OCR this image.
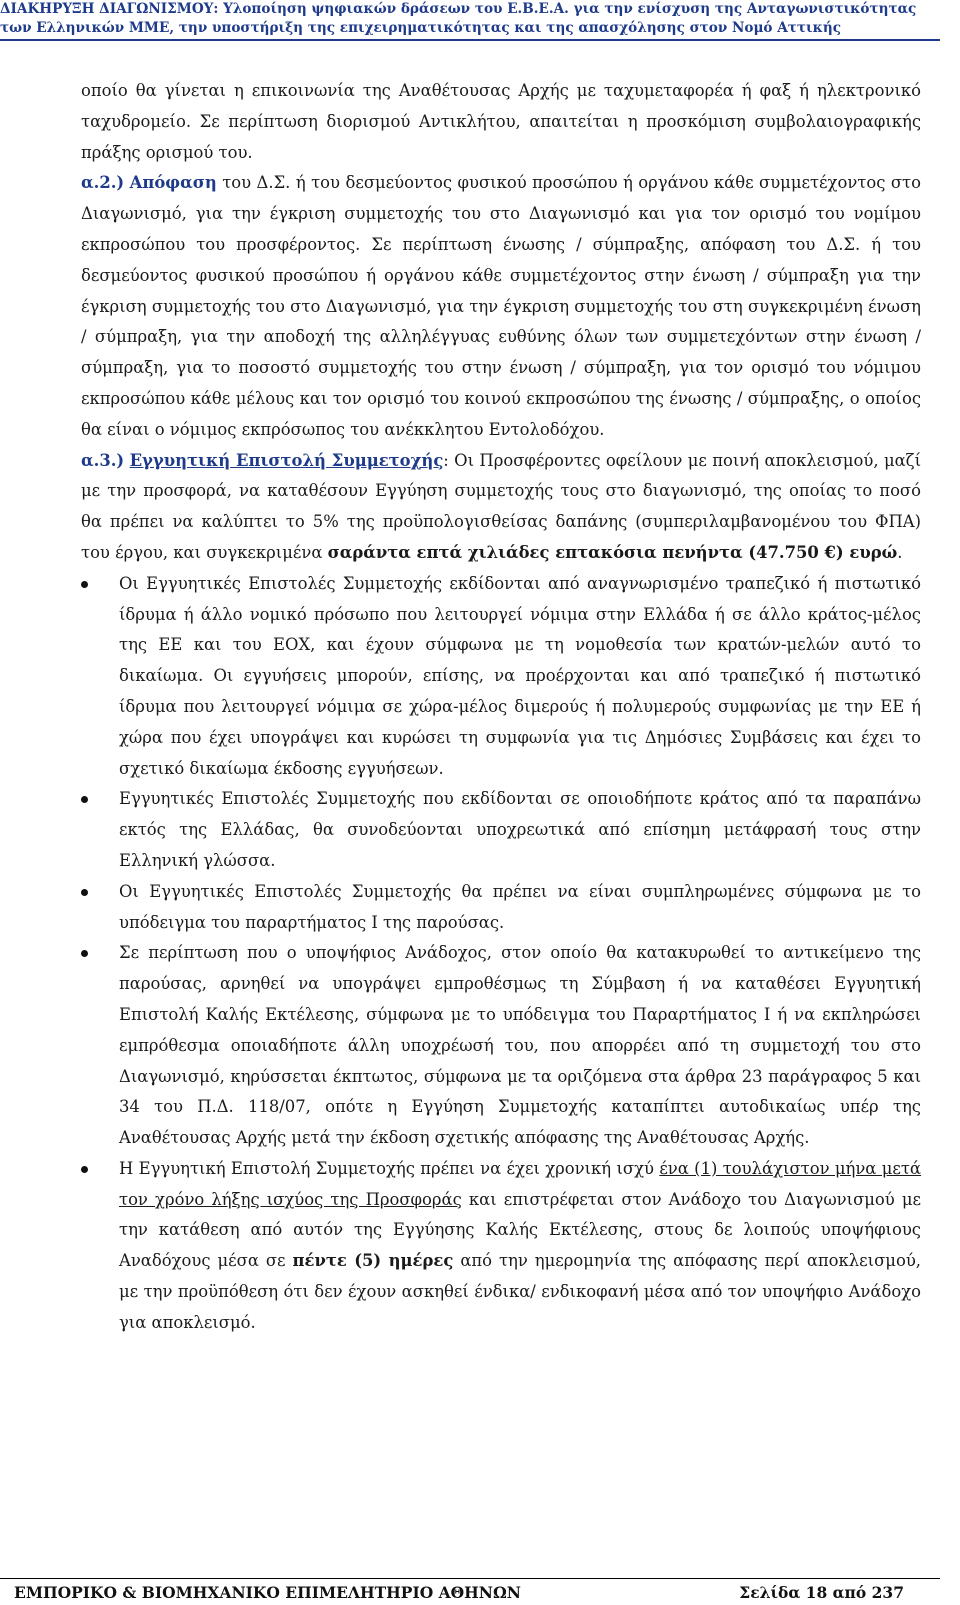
ΔΙΑΚΗΡΥΞΗ ΔΙΑΓΩΝΙΣΜΟΥ: Υλοποίηση ψηφιακών δράσεων του Ε.Β.Ε.Α. για την ενίσχυση της Ανταγωνιστικότητας
των Ελληνικών ΜΜΕ, την υποστήριξη της επιχειρηματικότητας και της απασχόλησης στον Νομό Αττικής

οποίο θα γίνεται η επικοινωνία της Αναθέτουσας Αρχής με ταχυμεταφορέα ή φαξ ή ηλεκτρονικό ταχυδρομείο. Σε περίπτωση διορισμού Αντικλήτου, απαιτείται η προσκόμιση συμβολαιογραφικής πράξης ορισμού του.

α.2.) Απόφαση του Δ.Σ. ή του δεσμεύοντος φυσικού προσώπου ή οργάνου κάθε συμμετέχοντος στο Διαγωνισμό, για την έγκριση συμμετοχής του στο Διαγωνισμό και για τον ορισμό του νομίμου εκπροσώπου του προσφέροντος. Σε περίπτωση ένωσης / σύμπραξης, απόφαση του Δ.Σ. ή του δεσμεύοντος φυσικού προσώπου ή οργάνου κάθε συμμετέχοντος στην ένωση / σύμπραξη για την έγκριση συμμετοχής του στο Διαγωνισμό, για την έγκριση συμμετοχής του στη συγκεκριμένη ένωση / σύμπραξη, για την αποδοχή της αλληλέγγυας ευθύνης όλων των συμμετεχόντων στην ένωση / σύμπραξη, για το ποσοστό συμμετοχής του στην ένωση / σύμπραξη, για τον ορισμό του νόμιμου εκπροσώπου κάθε μέλους και τον ορισμό του κοινού εκπροσώπου της ένωσης / σύμπραξης, ο οποίος θα είναι ο νόμιμος εκπρόσωπος του ανέκκλητου Εντολοδόχου.

α.3.) Εγγυητική Επιστολή Συμμετοχής: Οι Προσφέροντες οφείλουν με ποινή αποκλεισμού, μαζί με την προσφορά, να καταθέσουν Εγγύηση συμμετοχής τους στο διαγωνισμό, της οποίας το ποσό θα πρέπει να καλύπτει το 5% της προϋπολογισθείσας δαπάνης (συμπεριλαμβανομένου του ΦΠΑ) του έργου, και συγκεκριμένα σαράντα επτά χιλιάδες επτακόσια πενήντα (47.750 €) ευρώ.

Οι Εγγυητικές Επιστολές Συμμετοχής εκδίδονται από αναγνωρισμένο τραπεζικό ή πιστωτικό ίδρυμα ή άλλο νομικό πρόσωπο που λειτουργεί νόμιμα στην Ελλάδα ή σε άλλο κράτος-μέλος της ΕΕ και του ΕΟΧ, και έχουν σύμφωνα με τη νομοθεσία των κρατών-μελών αυτό το δικαίωμα. Οι εγγυήσεις μπορούν, επίσης, να προέρχονται και από τραπεζικό ή πιστωτικό ίδρυμα που λειτουργεί νόμιμα σε χώρα-μέλος διμερούς ή πολυμερούς συμφωνίας με την ΕΕ ή χώρα που έχει υπογράψει και κυρώσει τη συμφωνία για τις Δημόσιες Συμβάσεις και έχει το σχετικό δικαίωμα έκδοσης εγγυήσεων.
Εγγυητικές Επιστολές Συμμετοχής που εκδίδονται σε οποιοδήποτε κράτος από τα παραπάνω εκτός της Ελλάδας, θα συνοδεύονται υποχρεωτικά από επίσημη μετάφρασή τους στην Ελληνική γλώσσα.
Οι Εγγυητικές Επιστολές Συμμετοχής θα πρέπει να είναι συμπληρωμένες σύμφωνα με το υπόδειγμα του παραρτήματος Ι της παρούσας.
Σε περίπτωση που ο υποψήφιος Ανάδοχος, στον οποίο θα κατακυρωθεί το αντικείμενο της παρούσας, αρνηθεί να υπογράψει εμπροθέσμως τη Σύμβαση ή να καταθέσει Εγγυητική Επιστολή Καλής Εκτέλεσης, σύμφωνα με το υπόδειγμα του Παραρτήματος Ι ή να εκπληρώσει εμπρόθεσμα οποιαδήποτε άλλη υποχρέωσή του, που απορρέει από τη συμμετοχή του στο Διαγωνισμό, κηρύσσεται έκπτωτος, σύμφωνα με τα οριζόμενα στα άρθρα 23 παράγραφος 5 και 34 του Π.Δ. 118/07, οπότε η Εγγύηση Συμμετοχής καταπίπτει αυτοδικαίως υπέρ της Αναθέτουσας Αρχής μετά την έκδοση σχετικής απόφασης της Αναθέτουσας Αρχής.
Η Εγγυητική Επιστολή Συμμετοχής πρέπει να έχει χρονική ισχύ ένα (1) τουλάχιστον μήνα μετά τον χρόνο λήξης ισχύος της Προσφοράς και επιστρέφεται στον Ανάδοχο του Διαγωνισμού με την κατάθεση από αυτόν της Εγγύησης Καλής Εκτέλεσης, στους δε λοιπούς υποψήφιους Αναδόχους μέσα σε πέντε (5) ημέρες από την ημερομηνία της απόφασης περί αποκλεισμού, με την προϋπόθεση ότι δεν έχουν ασκηθεί ένδικα/ ενδικοφανή μέσα από τον υποψήφιο Ανάδοχο για αποκλεισμό.
ΕΜΠΟΡΙΚΟ & ΒΙΟΜΗΧΑΝΙΚΟ ΕΠΙΜΕΛΗΤΗΡΙΟ ΑΘΗΝΩΝ	Σελίδα 18 από 237
